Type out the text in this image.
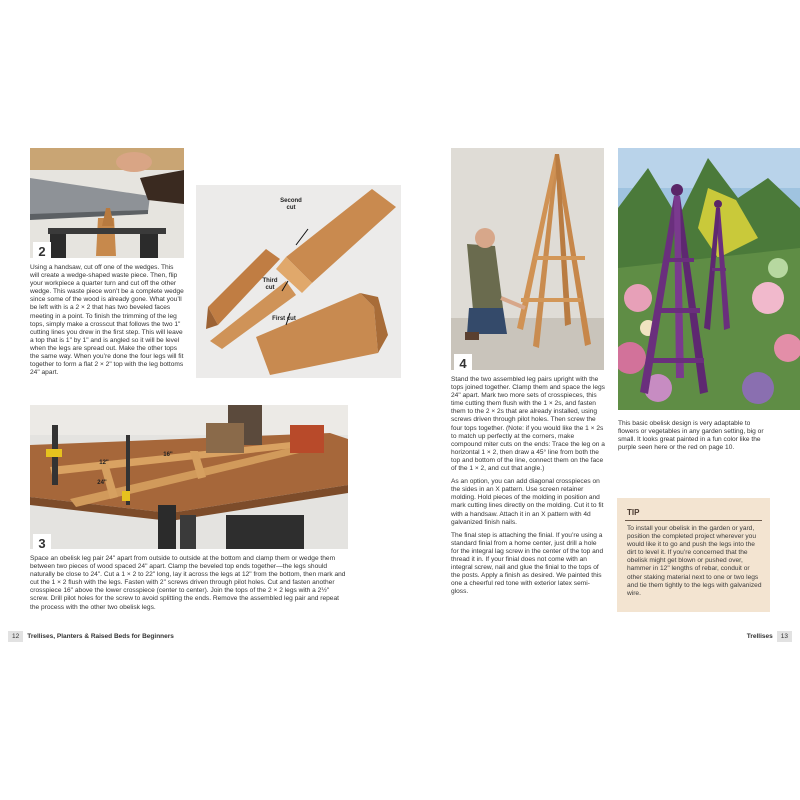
2
Second cut
Third cut
First cut
Using a handsaw, cut off one of the wedges. This will create a wedge-shaped waste piece. Then, flip your workpiece a quarter turn and cut off the other wedge. This waste piece won’t be a complete wedge since some of the wood is already gone. What you’ll be left with is a 2 × 2 that has two beveled faces meeting in a point. To finish the trimming of the leg tops, simply make a crosscut that follows the two 1" cutting lines you drew in the first step. This will leave a top that is 1" by 1" and is angled so it will be level when the legs are spread out. Make the other tops the same way. When you’re done the four legs will fit together to form a flat 2 × 2" top with the leg bottoms 24" apart.
12"
16"
24"
3
Space an obelisk leg pair 24" apart from outside to outside at the bottom and clamp them or wedge them between two pieces of wood spaced 24" apart. Clamp the beveled top ends together—the legs should naturally be close to 24". Cut a 1 × 2 to 22" long, lay it across the legs at 12" from the bottom, then mark and cut the 1 × 2 flush with the legs. Fasten with 2" screws driven through pilot holes. Cut and fasten another crosspiece 16" above the lower crosspiece (center to center). Join the tops of the 2 × 2 legs with a 2½" screw. Drill pilot holes for the screw to avoid splitting the ends. Remove the assembled leg pair and repeat the process with the other two obelisk legs.
12	Trellises, Planters & Raised Beds for Beginners
4

Stand the two assembled leg pairs upright with the tops joined together. Clamp them and space the legs 24" apart. Mark two more sets of crosspieces, this time cutting them flush with the 1 × 2s, and fasten them to the 2 × 2s that are already installed, using screws driven through pilot holes. Then screw the four tops together. (Note: if you would like the 1 × 2s to match up perfectly at the corners, make compound miter cuts on the ends: Trace the leg on a horizontal 1 × 2, then draw a 45° line from both the top and bottom of the line, connect them on the face of the 1 × 2, and cut that angle.)

As an option, you can add diagonal crosspieces on the sides in an X pattern. Use screen retainer molding. Hold pieces of the molding in position and mark cutting lines directly on the molding. Cut it to fit with a handsaw. Attach it in an X pattern with 4d galvanized finish nails.

The final step is attaching the finial. If you’re using a standard finial from a home center, just drill a hole for the integral lag screw in the center of the top and thread it in. If your finial does not come with an integral screw, nail and glue the finial to the tops of the posts. Apply a finish as desired. We painted this one a cheerful red tone with exterior latex semi-gloss.

This basic obelisk design is very adaptable to flowers or vegetables in any garden setting, big or small. It looks great painted in a fun color like the purple seen here or the red on page 10.
TIP
To install your obelisk in the garden or yard, position the completed project wherever you would like it to go and push the legs into the dirt to level it. If you’re concerned that the obelisk might get blown or pushed over, hammer in 12" lengths of rebar, conduit or other staking material next to one or two legs and tie them tightly to the legs with galvanized wire.
Trellises	13
